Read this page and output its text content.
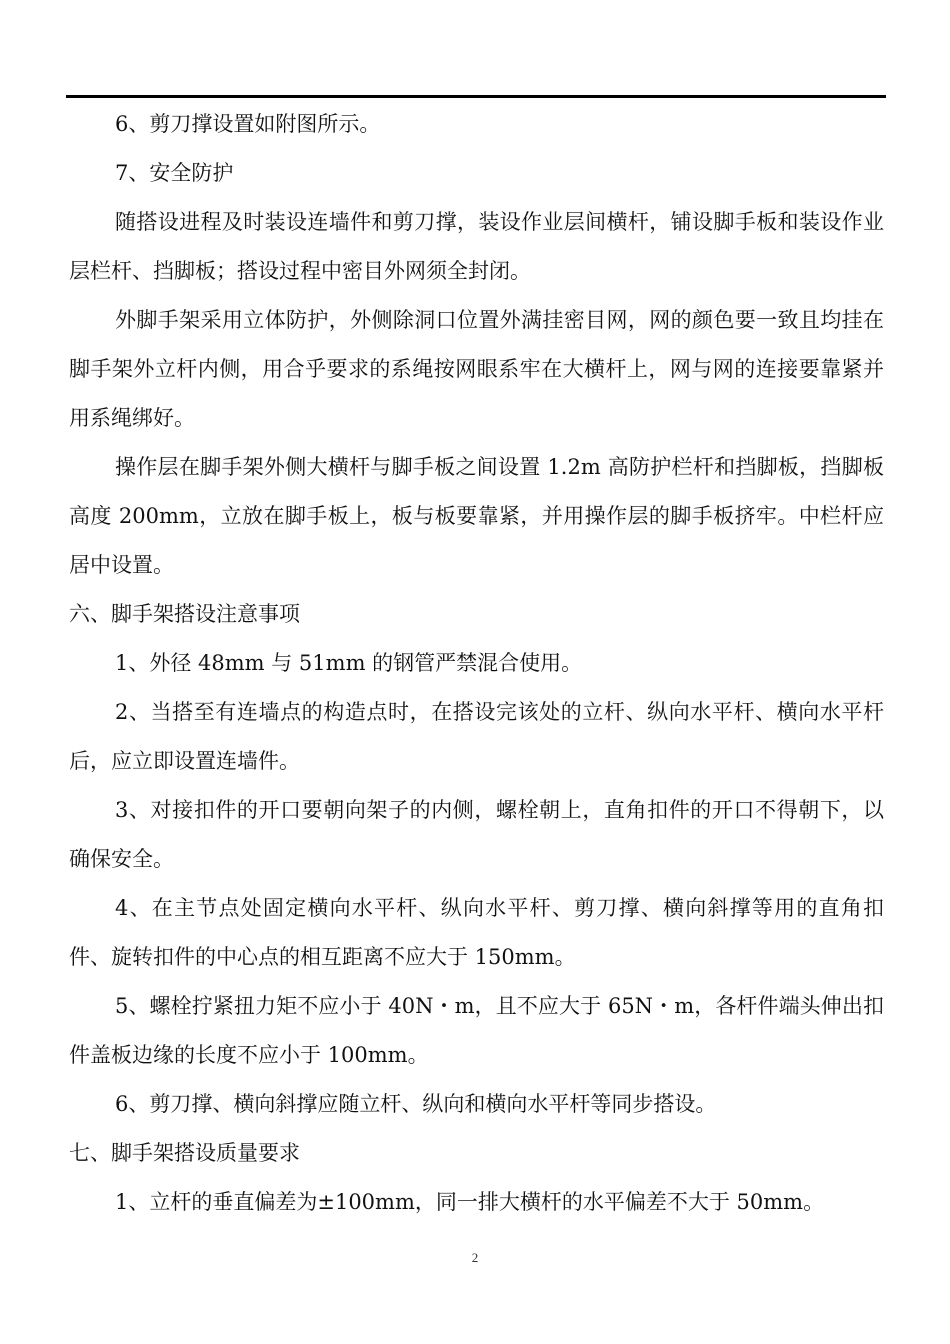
6、剪刀撑设置如附图所示。

7、安全防护

随搭设进程及时装设连墙件和剪刀撑，装设作业层间横杆，铺设脚手板和装设作业层栏杆、挡脚板；搭设过程中密目外网须全封闭。

外脚手架采用立体防护，外侧除洞口位置外满挂密目网，网的颜色要一致且均挂在脚手架外立杆内侧，用合乎要求的系绳按网眼系牢在大横杆上，网与网的连接要靠紧并用系绳绑好。

操作层在脚手架外侧大横杆与脚手板之间设置 1.2m 高防护栏杆和挡脚板，挡脚板高度 200mm，立放在脚手板上，板与板要靠紧，并用操作层的脚手板挤牢。中栏杆应居中设置。

六、脚手架搭设注意事项

1、外径 48mm 与 51mm 的钢管严禁混合使用。

2、当搭至有连墙点的构造点时，在搭设完该处的立杆、纵向水平杆、横向水平杆后，应立即设置连墙件。

3、对接扣件的开口要朝向架子的内侧，螺栓朝上，直角扣件的开口不得朝下，以确保安全。

4、在主节点处固定横向水平杆、纵向水平杆、剪刀撑、横向斜撑等用的直角扣件、旋转扣件的中心点的相互距离不应大于 150mm。

5、螺栓拧紧扭力矩不应小于 40N・m，且不应大于 65N・m，各杆件端头伸出扣件盖板边缘的长度不应小于 100mm。

6、剪刀撑、横向斜撑应随立杆、纵向和横向水平杆等同步搭设。

七、脚手架搭设质量要求

1、立杆的垂直偏差为±100mm，同一排大横杆的水平偏差不大于 50mm。

2
